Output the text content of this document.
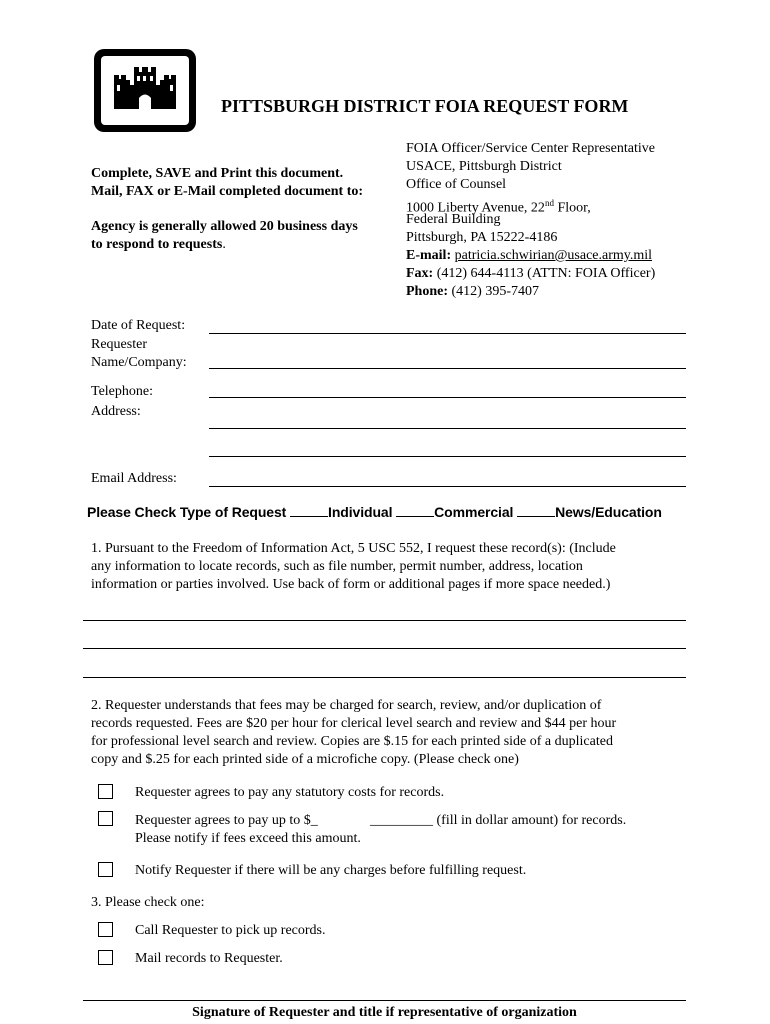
PITTSBURGH DISTRICT FOIA REQUEST FORM
Complete, SAVE and Print this document.
Mail, FAX or E-Mail completed document to:
Agency is generally allowed 20 business days
to respond to requests.
FOIA Officer/Service Center Representative
USACE, Pittsburgh District
Office of Counsel
1000 Liberty Avenue, 22nd Floor,
Federal Building
Pittsburgh, PA 15222-4186
E-mail: patricia.schwirian@usace.army.mil
Fax: (412) 644-4113 (ATTN: FOIA Officer)
Phone: (412) 395-7407
Date of Request:
Requester
Name/Company:
Telephone:
Address:
Email Address:
Please Check Type of Request	Individual	Commercial	News/Education
1. Pursuant to the Freedom of Information Act, 5 USC 552, I request these record(s): (Include
any information to locate records, such as file number, permit number, address, location
information or parties involved. Use back of form or additional pages if more space needed.)
2. Requester understands that fees may be charged for search, review, and/or duplication of
records requested. Fees are $20 per hour for clerical level search and review and $44 per hour
for professional level search and review. Copies are $.15 for each printed side of a duplicated
copy and $.25 for each printed side of a microfiche copy. (Please check one)
Requester agrees to pay any statutory costs for records.
Requester agrees to pay up to $_	_________ (fill in dollar amount) for records.
Please notify if fees exceed this amount.
Notify Requester if there will be any charges before fulfilling request.
3. Please check one:
Call Requester to pick up records.
Mail records to Requester.
Signature of Requester and title if representative of organization
